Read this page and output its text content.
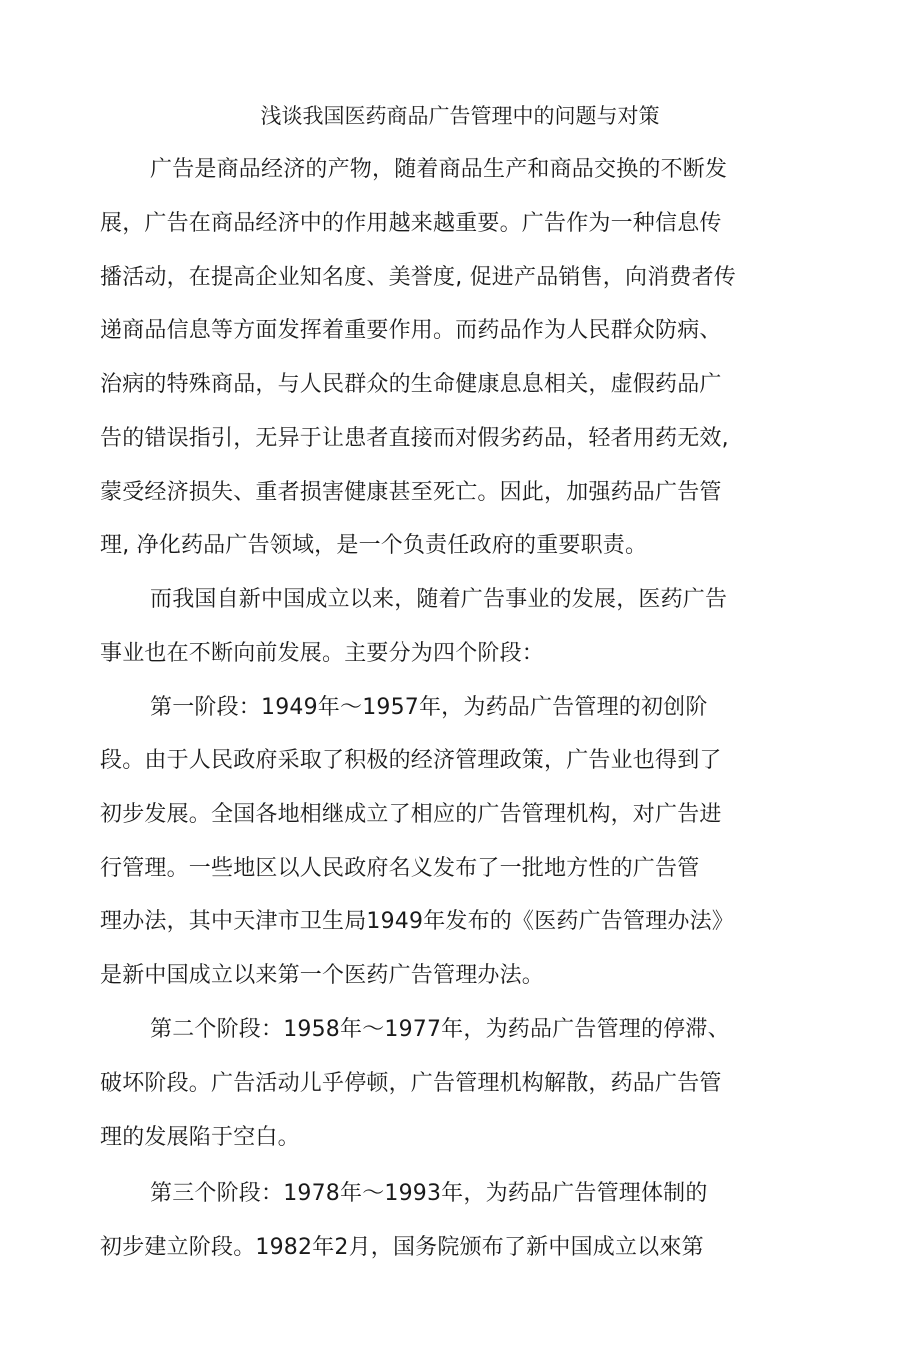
浅谈我国医药商品广告管理中的问题与对策
广告是商品经济的产物，随着商品生产和商品交换的不断发
展，广告在商品经济中的作用越来越重要。广告作为一种信息传
播活动，在提高企业知名度、美誉度, 促进产品销售，向消费者传
递商品信息等方面发挥着重要作用。而药品作为人民群众防病、
治病的特殊商品，与人民群众的生命健康息息相关，虚假药品广
告的错误指引，无异于让患者直接而对假劣药品，轻者用药无效,
蒙受经济损失、重者损害健康甚至死亡。因此，加强药品广告管
理, 净化药品广告领域，是一个负责任政府的重要职责。
而我国自新中国成立以来，随着广告事业的发展，医药广告
事业也在不断向前发展。主要分为四个阶段：
第一阶段：1949年～1957年，为药品广告管理的初创阶
段。由于人民政府采取了积极的经济管理政策，广告业也得到了
初步发展。全国各地相继成立了相应的广告管理机构，对广告进
行管理。一些地区以人民政府名义发布了一批地方性的广告管
理办法，其中天津市卫生局1949年发布的《医药广告管理办法》
是新中国成立以来第一个医药广告管理办法。
第二个阶段：1958年～1977年，为药品广告管理的停滞、
破坏阶段。广告活动儿乎停顿，广告管理机构解散，药品广告管
理的发展陷于空白。
第三个阶段：1978年～1993年，为药品广告管理体制的
初步建立阶段。1982年2月，国务院颁布了新中国成立以來第
